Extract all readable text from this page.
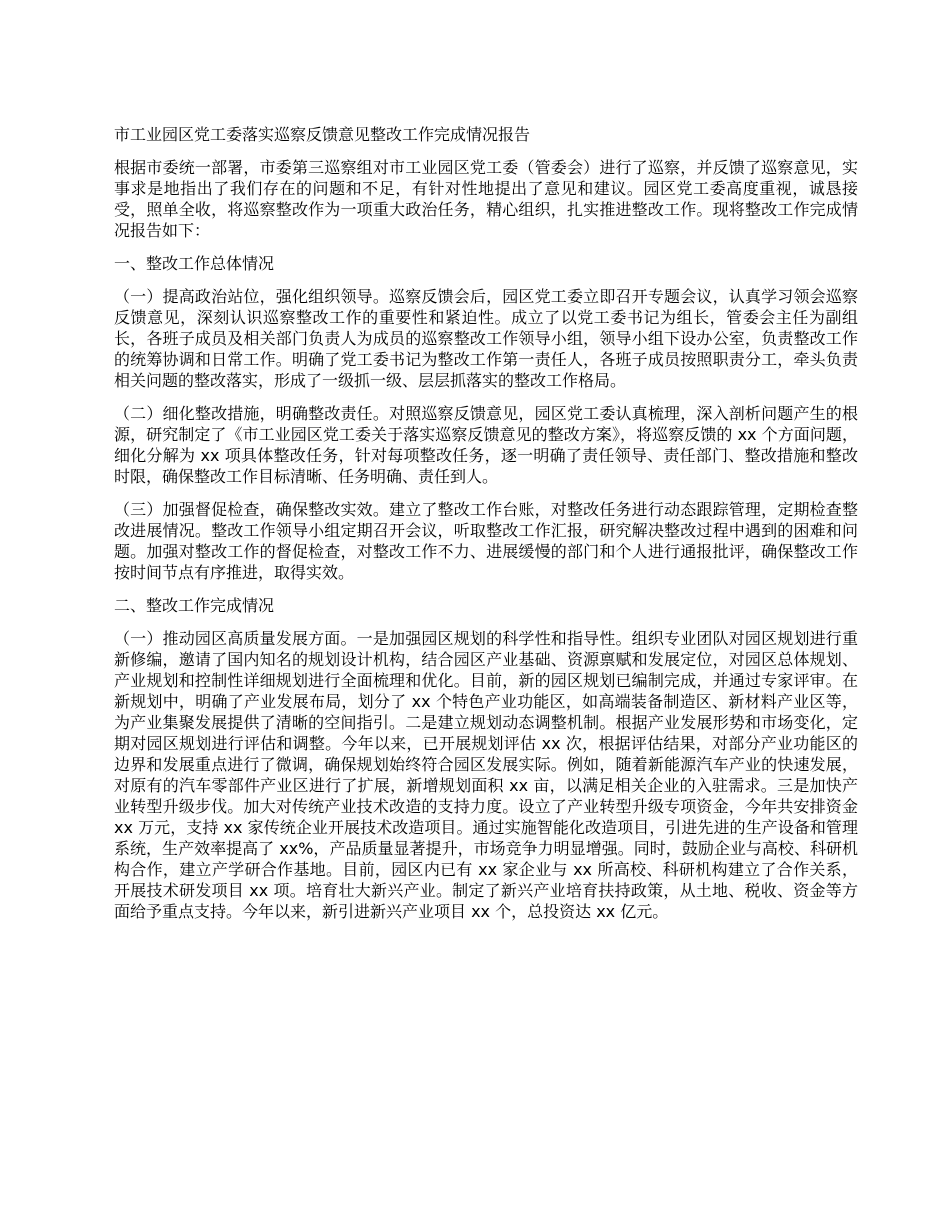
市工业园区党工委落实巡察反馈意见整改工作完成情况报告

根据市委统一部署，市委第三巡察组对市工业园区党工委（管委会）进行了巡察，并反馈了巡察意见，实事求是地指出了我们存在的问题和不足，有针对性地提出了意见和建议。园区党工委高度重视，诚恳接受，照单全收，将巡察整改作为一项重大政治任务，精心组织，扎实推进整改工作。现将整改工作完成情况报告如下：

一、整改工作总体情况

（一）提高政治站位，强化组织领导。巡察反馈会后，园区党工委立即召开专题会议，认真学习领会巡察反馈意见，深刻认识巡察整改工作的重要性和紧迫性。成立了以党工委书记为组长，管委会主任为副组长，各班子成员及相关部门负责人为成员的巡察整改工作领导小组，领导小组下设办公室，负责整改工作的统筹协调和日常工作。明确了党工委书记为整改工作第一责任人，各班子成员按照职责分工，牵头负责相关问题的整改落实，形成了一级抓一级、层层抓落实的整改工作格局。

（二）细化整改措施，明确整改责任。对照巡察反馈意见，园区党工委认真梳理，深入剖析问题产生的根源，研究制定了《市工业园区党工委关于落实巡察反馈意见的整改方案》，将巡察反馈的 xx 个方面问题，细化分解为 xx 项具体整改任务，针对每项整改任务，逐一明确了责任领导、责任部门、整改措施和整改时限，确保整改工作目标清晰、任务明确、责任到人。

（三）加强督促检查，确保整改实效。建立了整改工作台账，对整改任务进行动态跟踪管理，定期检查整改进展情况。整改工作领导小组定期召开会议，听取整改工作汇报，研究解决整改过程中遇到的困难和问题。加强对整改工作的督促检查，对整改工作不力、进展缓慢的部门和个人进行通报批评，确保整改工作按时间节点有序推进，取得实效。

二、整改工作完成情况

（一）推动园区高质量发展方面。一是加强园区规划的科学性和指导性。组织专业团队对园区规划进行重新修编，邀请了国内知名的规划设计机构，结合园区产业基础、资源禀赋和发展定位，对园区总体规划、产业规划和控制性详细规划进行全面梳理和优化。目前，新的园区规划已编制完成，并通过专家评审。在新规划中，明确了产业发展布局，划分了 xx 个特色产业功能区，如高端装备制造区、新材料产业区等，为产业集聚发展提供了清晰的空间指引。二是建立规划动态调整机制。根据产业发展形势和市场变化，定期对园区规划进行评估和调整。今年以来，已开展规划评估 xx 次，根据评估结果，对部分产业功能区的边界和发展重点进行了微调，确保规划始终符合园区发展实际。例如，随着新能源汽车产业的快速发展，对原有的汽车零部件产业区进行了扩展，新增规划面积 xx 亩，以满足相关企业的入驻需求。三是加快产业转型升级步伐。加大对传统产业技术改造的支持力度。设立了产业转型升级专项资金，今年共安排资金 xx 万元，支持 xx 家传统企业开展技术改造项目。通过实施智能化改造项目，引进先进的生产设备和管理系统，生产效率提高了 xx%，产品质量显著提升，市场竞争力明显增强。同时，鼓励企业与高校、科研机构合作，建立产学研合作基地。目前，园区内已有 xx 家企业与 xx 所高校、科研机构建立了合作关系，开展技术研发项目 xx 项。培育壮大新兴产业。制定了新兴产业培育扶持政策，从土地、税收、资金等方面给予重点支持。今年以来，新引进新兴产业项目 xx 个，总投资达 xx 亿元。
